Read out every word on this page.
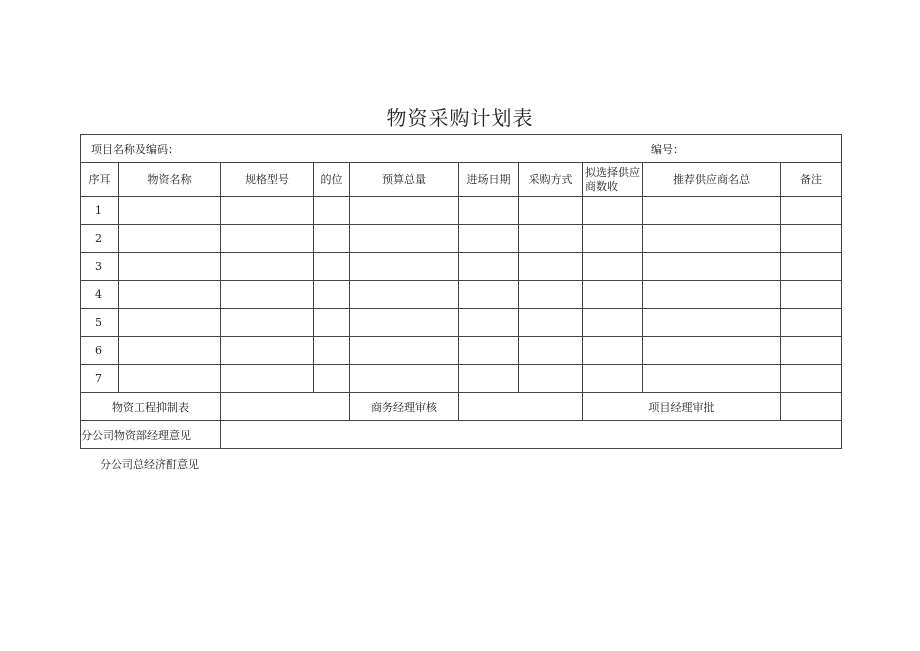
物资采购计划表
项目名称及编码： 编号：									

序耳	物资名称	规格型号	的位	预算总量	进场日期	采购方式	拟选择供应商数收	推荐供应商名总	备注
1									
2									
3									
4									
5									
6									
7									
物资工程抑制表				商务经理审核			项目经理审批		
分公司物资部经理意见									
分公司总经济酊意见
